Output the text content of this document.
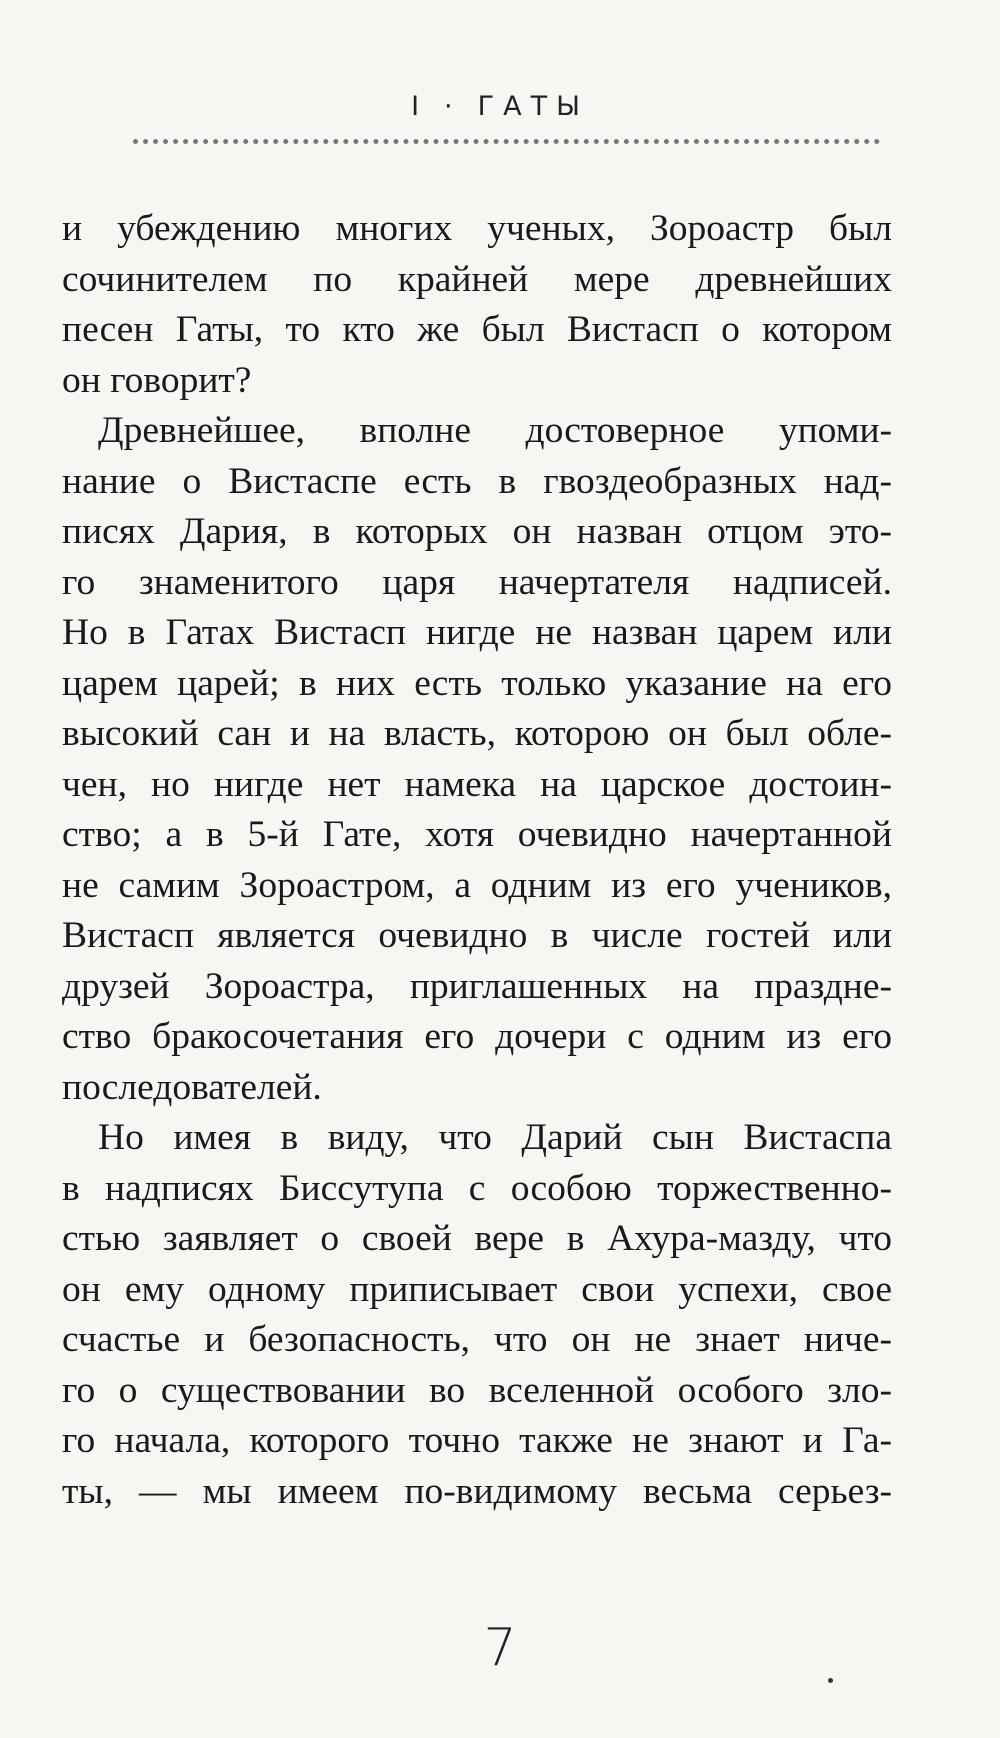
I · ГАТЫ

и убеждению многих ученых, Зороастр был
сочинителем по крайней мере древнейших
песен Гаты, то кто же был Вистасп о котором
он говорит?

Древнейшее, вполне достоверное упоми-
нание о Вистаспе есть в гвоздеобразных над-
писях Дария, в которых он назван отцом это-
го знаменитого царя начертателя надписей.
Но в Гатах Вистасп нигде не назван царем или
царем царей; в них есть только указание на его
высокий сан и на власть, которою он был обле-
чен, но нигде нет намека на царское достоин-
ство; а в 5-й Гате, хотя очевидно начертанной
не самим Зороастром, а одним из его учеников,
Вистасп является очевидно в числе гостей или
друзей Зороастра, приглашенных на праздне-
ство бракосочетания его дочери с одним из его
последователей.

Но имея в виду, что Дарий сын Вистаспа
в надписях Биссутупа с особою торжественно-
стью заявляет о своей вере в Ахура-мазду, что
он ему одному приписывает свои успехи, свое
счастье и безопасность, что он не знает ниче-
го о существовании во вселенной особого зло-
го начала, которого точно также не знают и Га-
ты, — мы имеем по-видимому весьма серьез-

7
